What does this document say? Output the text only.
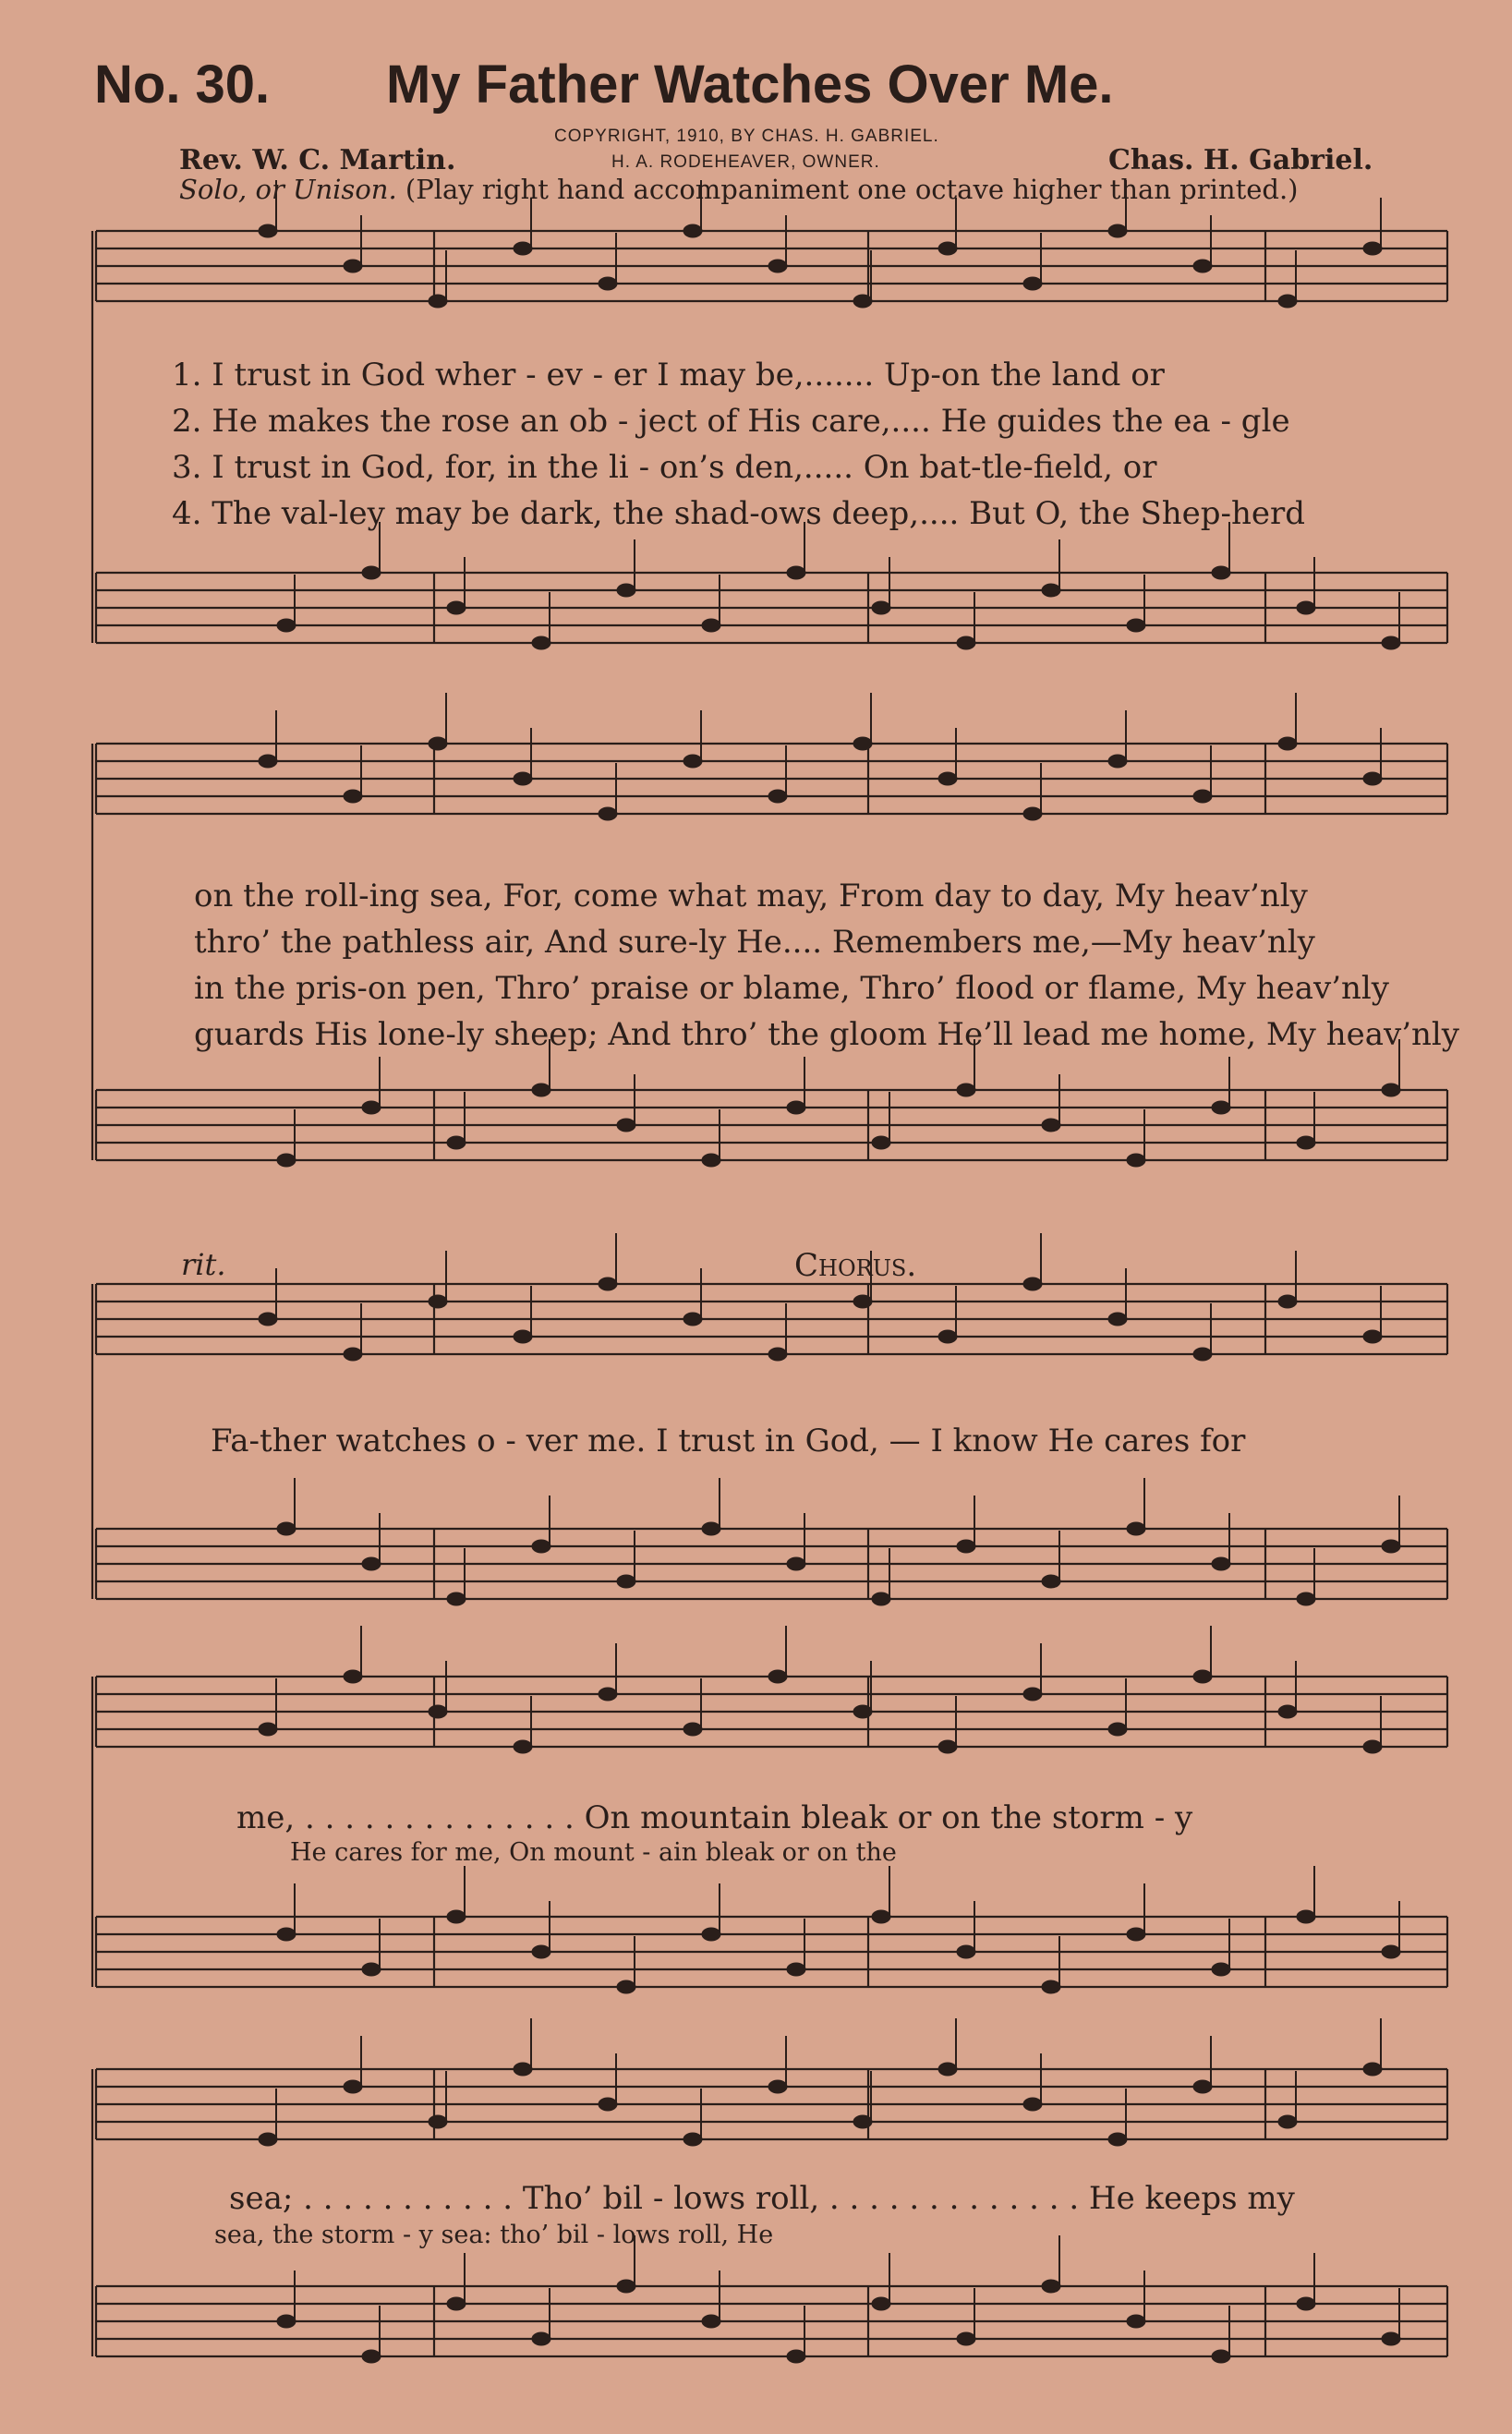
No. 30. My Father Watches Over Me.
COPYRIGHT, 1910, BY CHAS. H. GABRIEL.
H. A. RODEHEAVER, OWNER.
Rev. W. C. Martin.	Chas. H. Gabriel.
Solo, or Unison. (Play right hand accompaniment one octave higher than printed.)
1. I trust in God wher - ev - er I may be,....... Up-on the land or
2. He makes the rose an ob - ject of His care,.... He guides the ea - gle
3. I trust in God, for, in the li - on’s den,..... On bat-tle-field, or
4. The val-ley may be dark, the shad-ows deep,.... But O, the Shep-herd
on the roll-ing sea, For, come what may, From day to day, My heav’nly
thro’ the pathless air, And sure-ly He.... Remembers me,—My heav’nly
in the pris-on pen, Thro’ praise or blame, Thro’ flood or flame, My heav’nly
guards His lone-ly sheep; And thro’ the gloom He’ll lead me home, My heav’nly
rit.	Chorus.
Fa-ther watches o - ver me. I trust in God, — I know He cares for
me, . . . . . . . . . . . . . . On mountain bleak or on the storm - y
He cares for me, On mount - ain bleak or on the
sea; . . . . . . . . . . . Tho’ bil - lows roll, . . . . . . . . . . . . . He keeps my
sea, the storm - y sea: tho’ bil - lows roll, He
